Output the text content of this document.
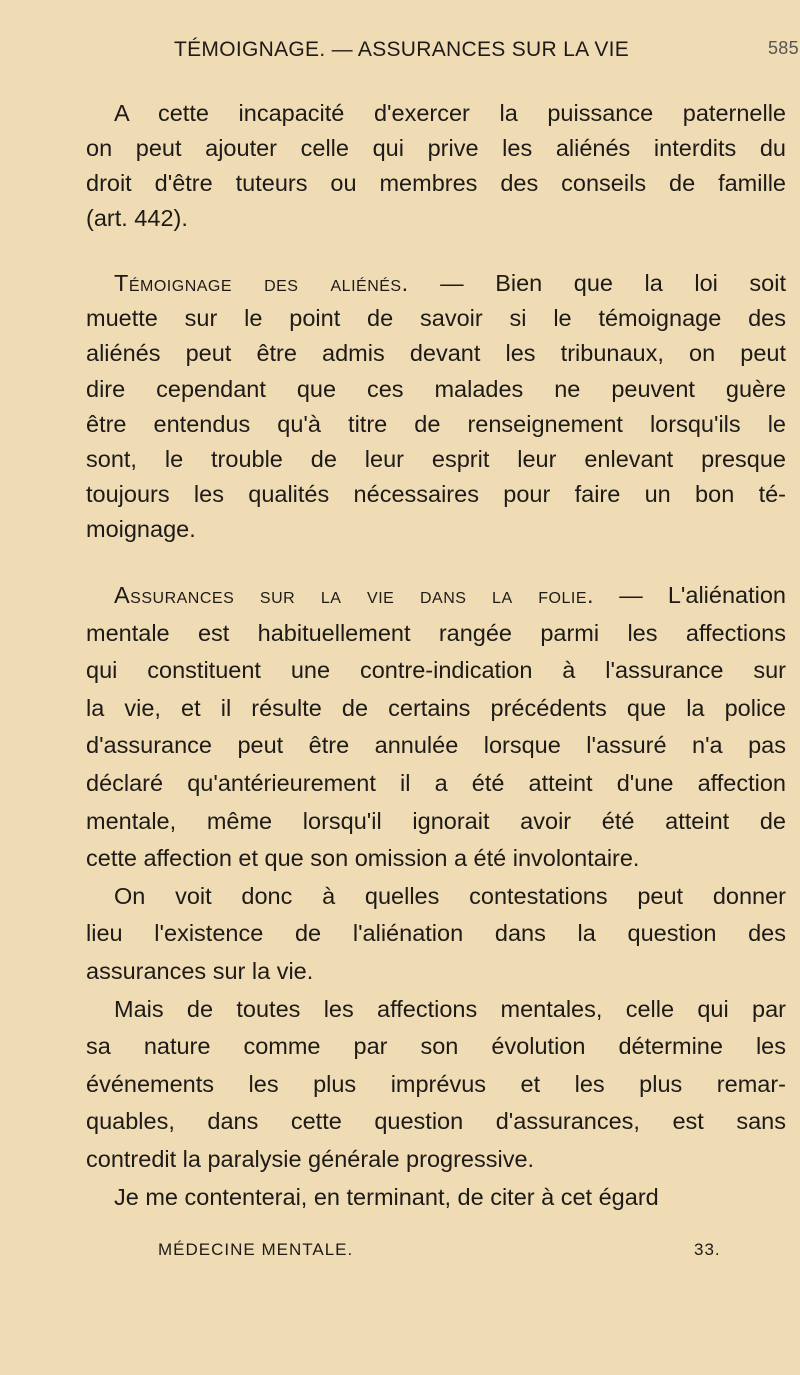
TÉMOIGNAGE. — ASSURANCES SUR LA VIE	585
A cette incapacité d'exercer la puissance paternelle
on peut ajouter celle qui prive les aliénés interdits du
droit d'être tuteurs ou membres des conseils de famille
(art. 442).
Témoignage des aliénés. — Bien que la loi soit
muette sur le point de savoir si le témoignage des
aliénés peut être admis devant les tribunaux, on peut
dire cependant que ces malades ne peuvent guère
être entendus qu'à titre de renseignement lorsqu'ils le
sont, le trouble de leur esprit leur enlevant presque
toujours les qualités nécessaires pour faire un bon té-
moignage.
Assurances sur la vie dans la folie. — L'aliénation
mentale est habituellement rangée parmi les affections
qui constituent une contre-indication à l'assurance sur
la vie, et il résulte de certains précédents que la police
d'assurance peut être annulée lorsque l'assuré n'a pas
déclaré qu'antérieurement il a été atteint d'une affection
mentale, même lorsqu'il ignorait avoir été atteint de
cette affection et que son omission a été involontaire.
On voit donc à quelles contestations peut donner
lieu l'existence de l'aliénation dans la question des
assurances sur la vie.
Mais de toutes les affections mentales, celle qui par
sa nature comme par son évolution détermine les
événements les plus imprévus et les plus remar-
quables, dans cette question d'assurances, est sans
contredit la paralysie générale progressive.
Je me contenterai, en terminant, de citer à cet égard
MÉDECINE MENTALE.	33.
